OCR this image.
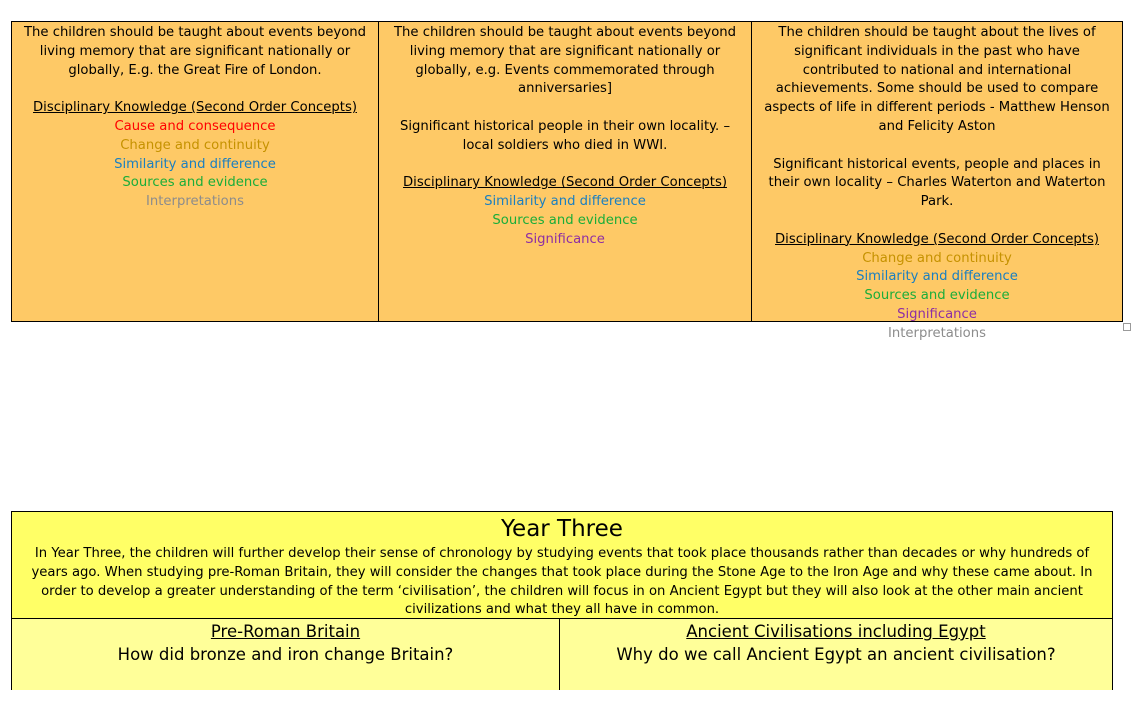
The children should be taught about events beyond living memory that are significant nationally or globally, E.g. the Great Fire of London.
Disciplinary Knowledge (Second Order Concepts)
Cause and consequence
Change and continuity
Similarity and difference
Sources and evidence
Interpretations
The children should be taught about events beyond living memory that are significant nationally or globally, e.g. Events commemorated through
anniversaries]
Significant historical people in their own locality. – local soldiers who died in WWI.
Disciplinary Knowledge (Second Order Concepts)
Similarity and difference
Sources and evidence
Significance
The children should be taught about the lives of significant individuals in the past who have contributed to national and international achievements. Some should be used to compare aspects of life in different periods - Matthew Henson and Felicity Aston
Significant historical events, people and places in their own locality – Charles Waterton and Waterton Park.
Disciplinary Knowledge (Second Order Concepts)
Change and continuity
Similarity and difference
Sources and evidence
Significance
Interpretations
Year Three
In Year Three, the children will further develop their sense of chronology by studying events that took place thousands rather than decades or why hundreds of years ago. When studying pre-Roman Britain, they will consider the changes that took place during the Stone Age to the Iron Age and why these came about. In order to develop a greater understanding of the term ‘civilisation’, the children will focus in on Ancient Egypt but they will also look at the other main ancient civilizations and what they all have in common.
Pre-Roman Britain
How did bronze and iron change Britain?
Ancient Civilisations including Egypt
Why do we call Ancient Egypt an ancient civilisation?
